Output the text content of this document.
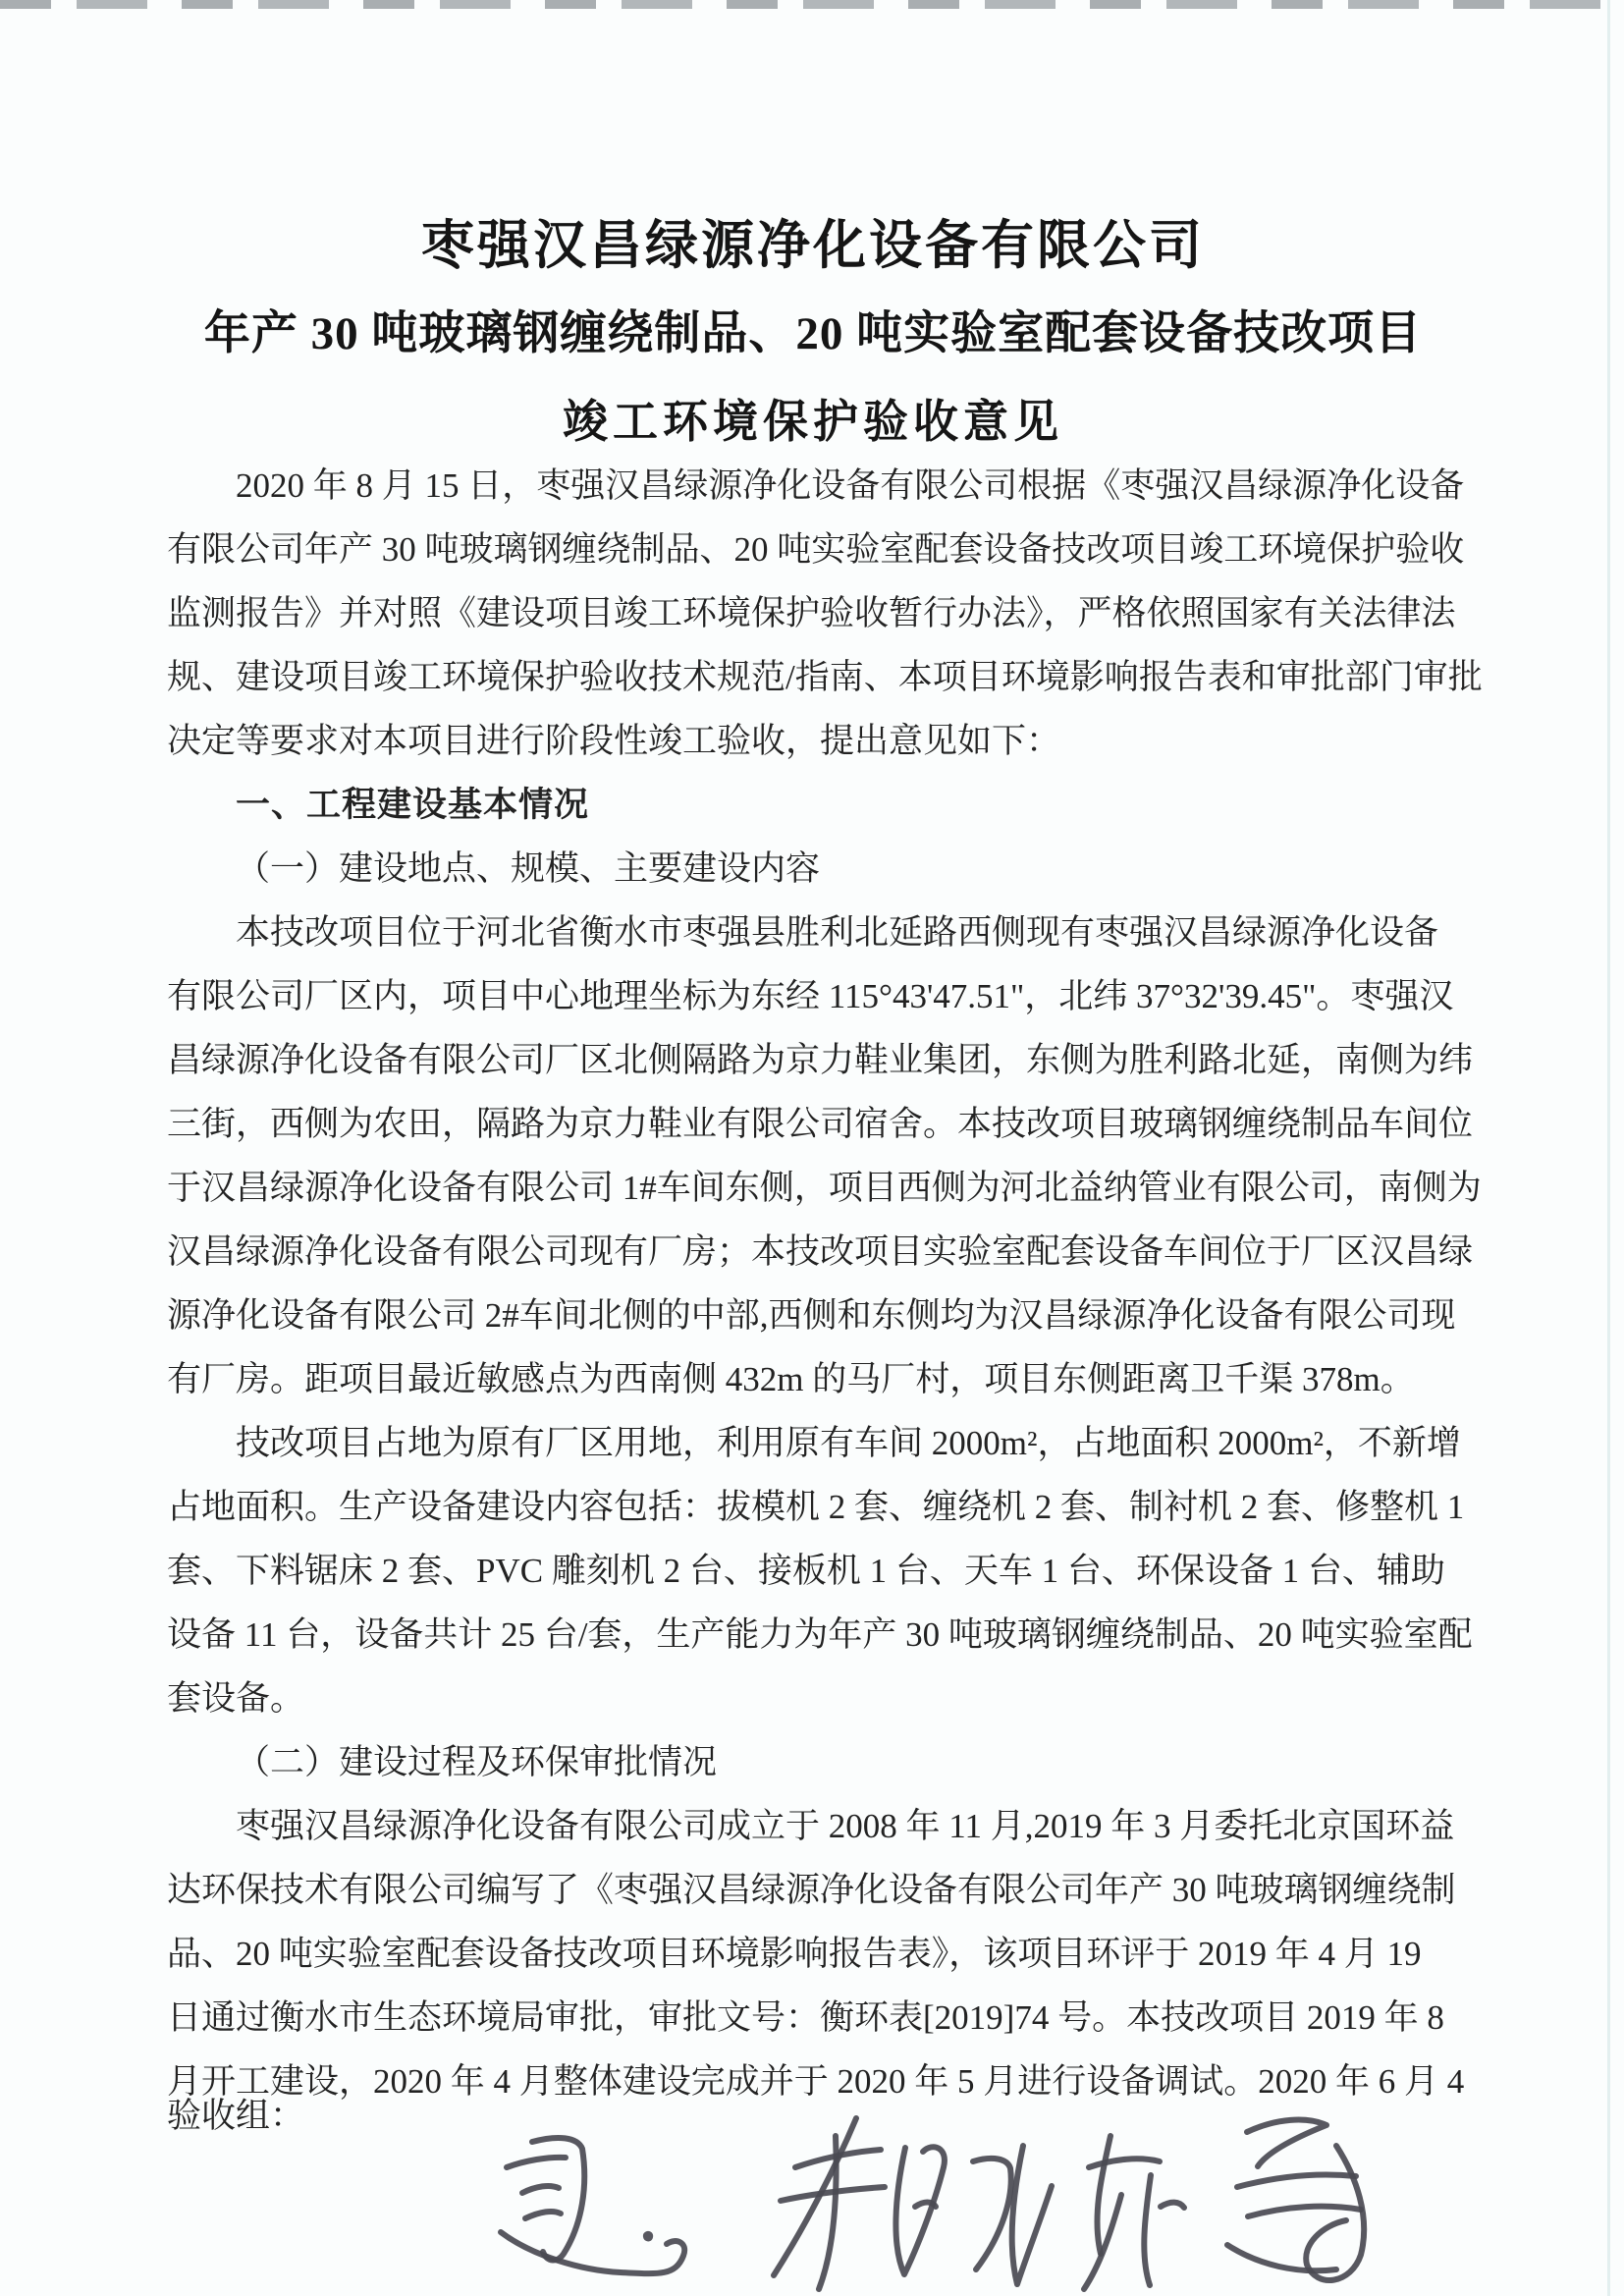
枣强汉昌绿源净化设备有限公司
年产 30 吨玻璃钢缠绕制品、20 吨实验室配套设备技改项目
竣工环境保护验收意见
2020 年 8 月 15 日，枣强汉昌绿源净化设备有限公司根据《枣强汉昌绿源净化设备
有限公司年产 30 吨玻璃钢缠绕制品、20 吨实验室配套设备技改项目竣工环境保护验收
监测报告》并对照《建设项目竣工环境保护验收暂行办法》，严格依照国家有关法律法
规、建设项目竣工环境保护验收技术规范/指南、本项目环境影响报告表和审批部门审批
决定等要求对本项目进行阶段性竣工验收，提出意见如下：
一、工程建设基本情况
（一）建设地点、规模、主要建设内容
本技改项目位于河北省衡水市枣强县胜利北延路西侧现有枣强汉昌绿源净化设备
有限公司厂区内，项目中心地理坐标为东经 115°43'47.51"，北纬 37°32'39.45"。枣强汉
昌绿源净化设备有限公司厂区北侧隔路为京力鞋业集团，东侧为胜利路北延，南侧为纬
三街，西侧为农田，隔路为京力鞋业有限公司宿舍。本技改项目玻璃钢缠绕制品车间位
于汉昌绿源净化设备有限公司 1#车间东侧，项目西侧为河北益纳管业有限公司，南侧为
汉昌绿源净化设备有限公司现有厂房；本技改项目实验室配套设备车间位于厂区汉昌绿
源净化设备有限公司 2#车间北侧的中部,西侧和东侧均为汉昌绿源净化设备有限公司现
有厂房。距项目最近敏感点为西南侧 432m 的马厂村，项目东侧距离卫千渠 378m。
技改项目占地为原有厂区用地，利用原有车间 2000m²，占地面积 2000m²，不新增
占地面积。生产设备建设内容包括：拔模机 2 套、缠绕机 2 套、制衬机 2 套、修整机 1
套、下料锯床 2 套、PVC 雕刻机 2 台、接板机 1 台、天车 1 台、环保设备 1 台、辅助
设备 11 台，设备共计 25 台/套，生产能力为年产 30 吨玻璃钢缠绕制品、20 吨实验室配
套设备。
（二）建设过程及环保审批情况
枣强汉昌绿源净化设备有限公司成立于 2008 年 11 月,2019 年 3 月委托北京国环益
达环保技术有限公司编写了《枣强汉昌绿源净化设备有限公司年产 30 吨玻璃钢缠绕制
品、20 吨实验室配套设备技改项目环境影响报告表》，该项目环评于 2019 年 4 月 19
日通过衡水市生态环境局审批，审批文号：衡环表[2019]74 号。本技改项目 2019 年 8
月开工建设，2020 年 4 月整体建设完成并于 2020 年 5 月进行设备调试。2020 年 6 月 4
验收组：
